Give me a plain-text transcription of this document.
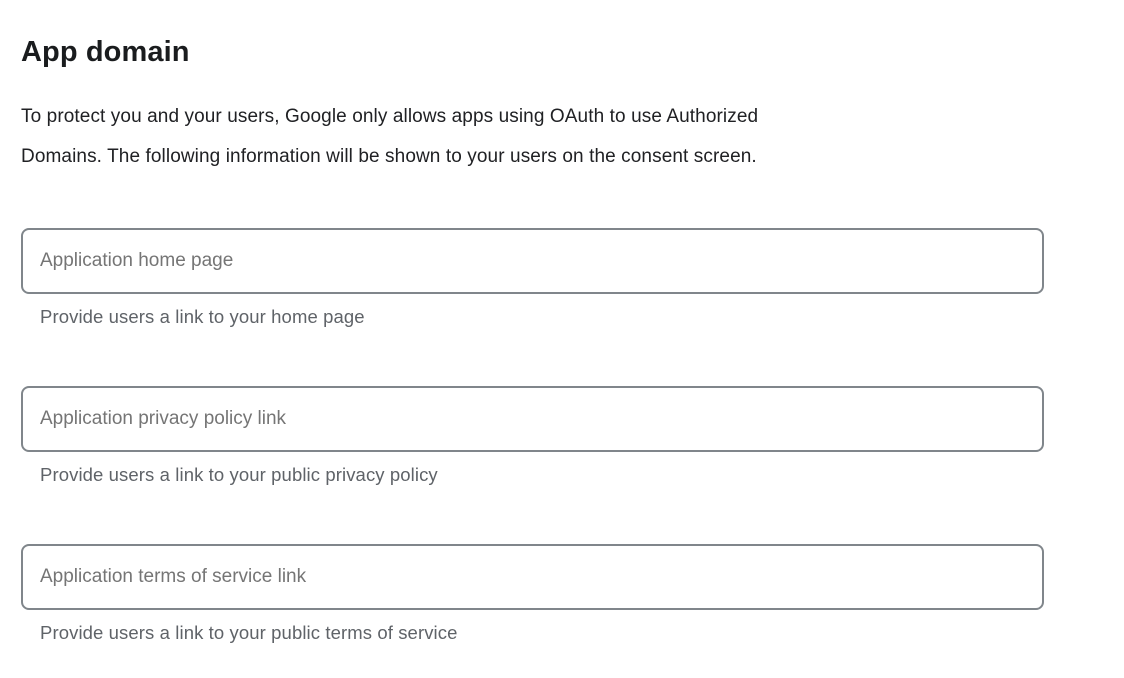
App domain

To protect you and your users, Google only allows apps using OAuth to use Authorized
Domains. The following information will be shown to your users on the consent screen.

Application home page
Provide users a link to your home page
Application privacy policy link
Provide users a link to your public privacy policy
Application terms of service link
Provide users a link to your public terms of service
